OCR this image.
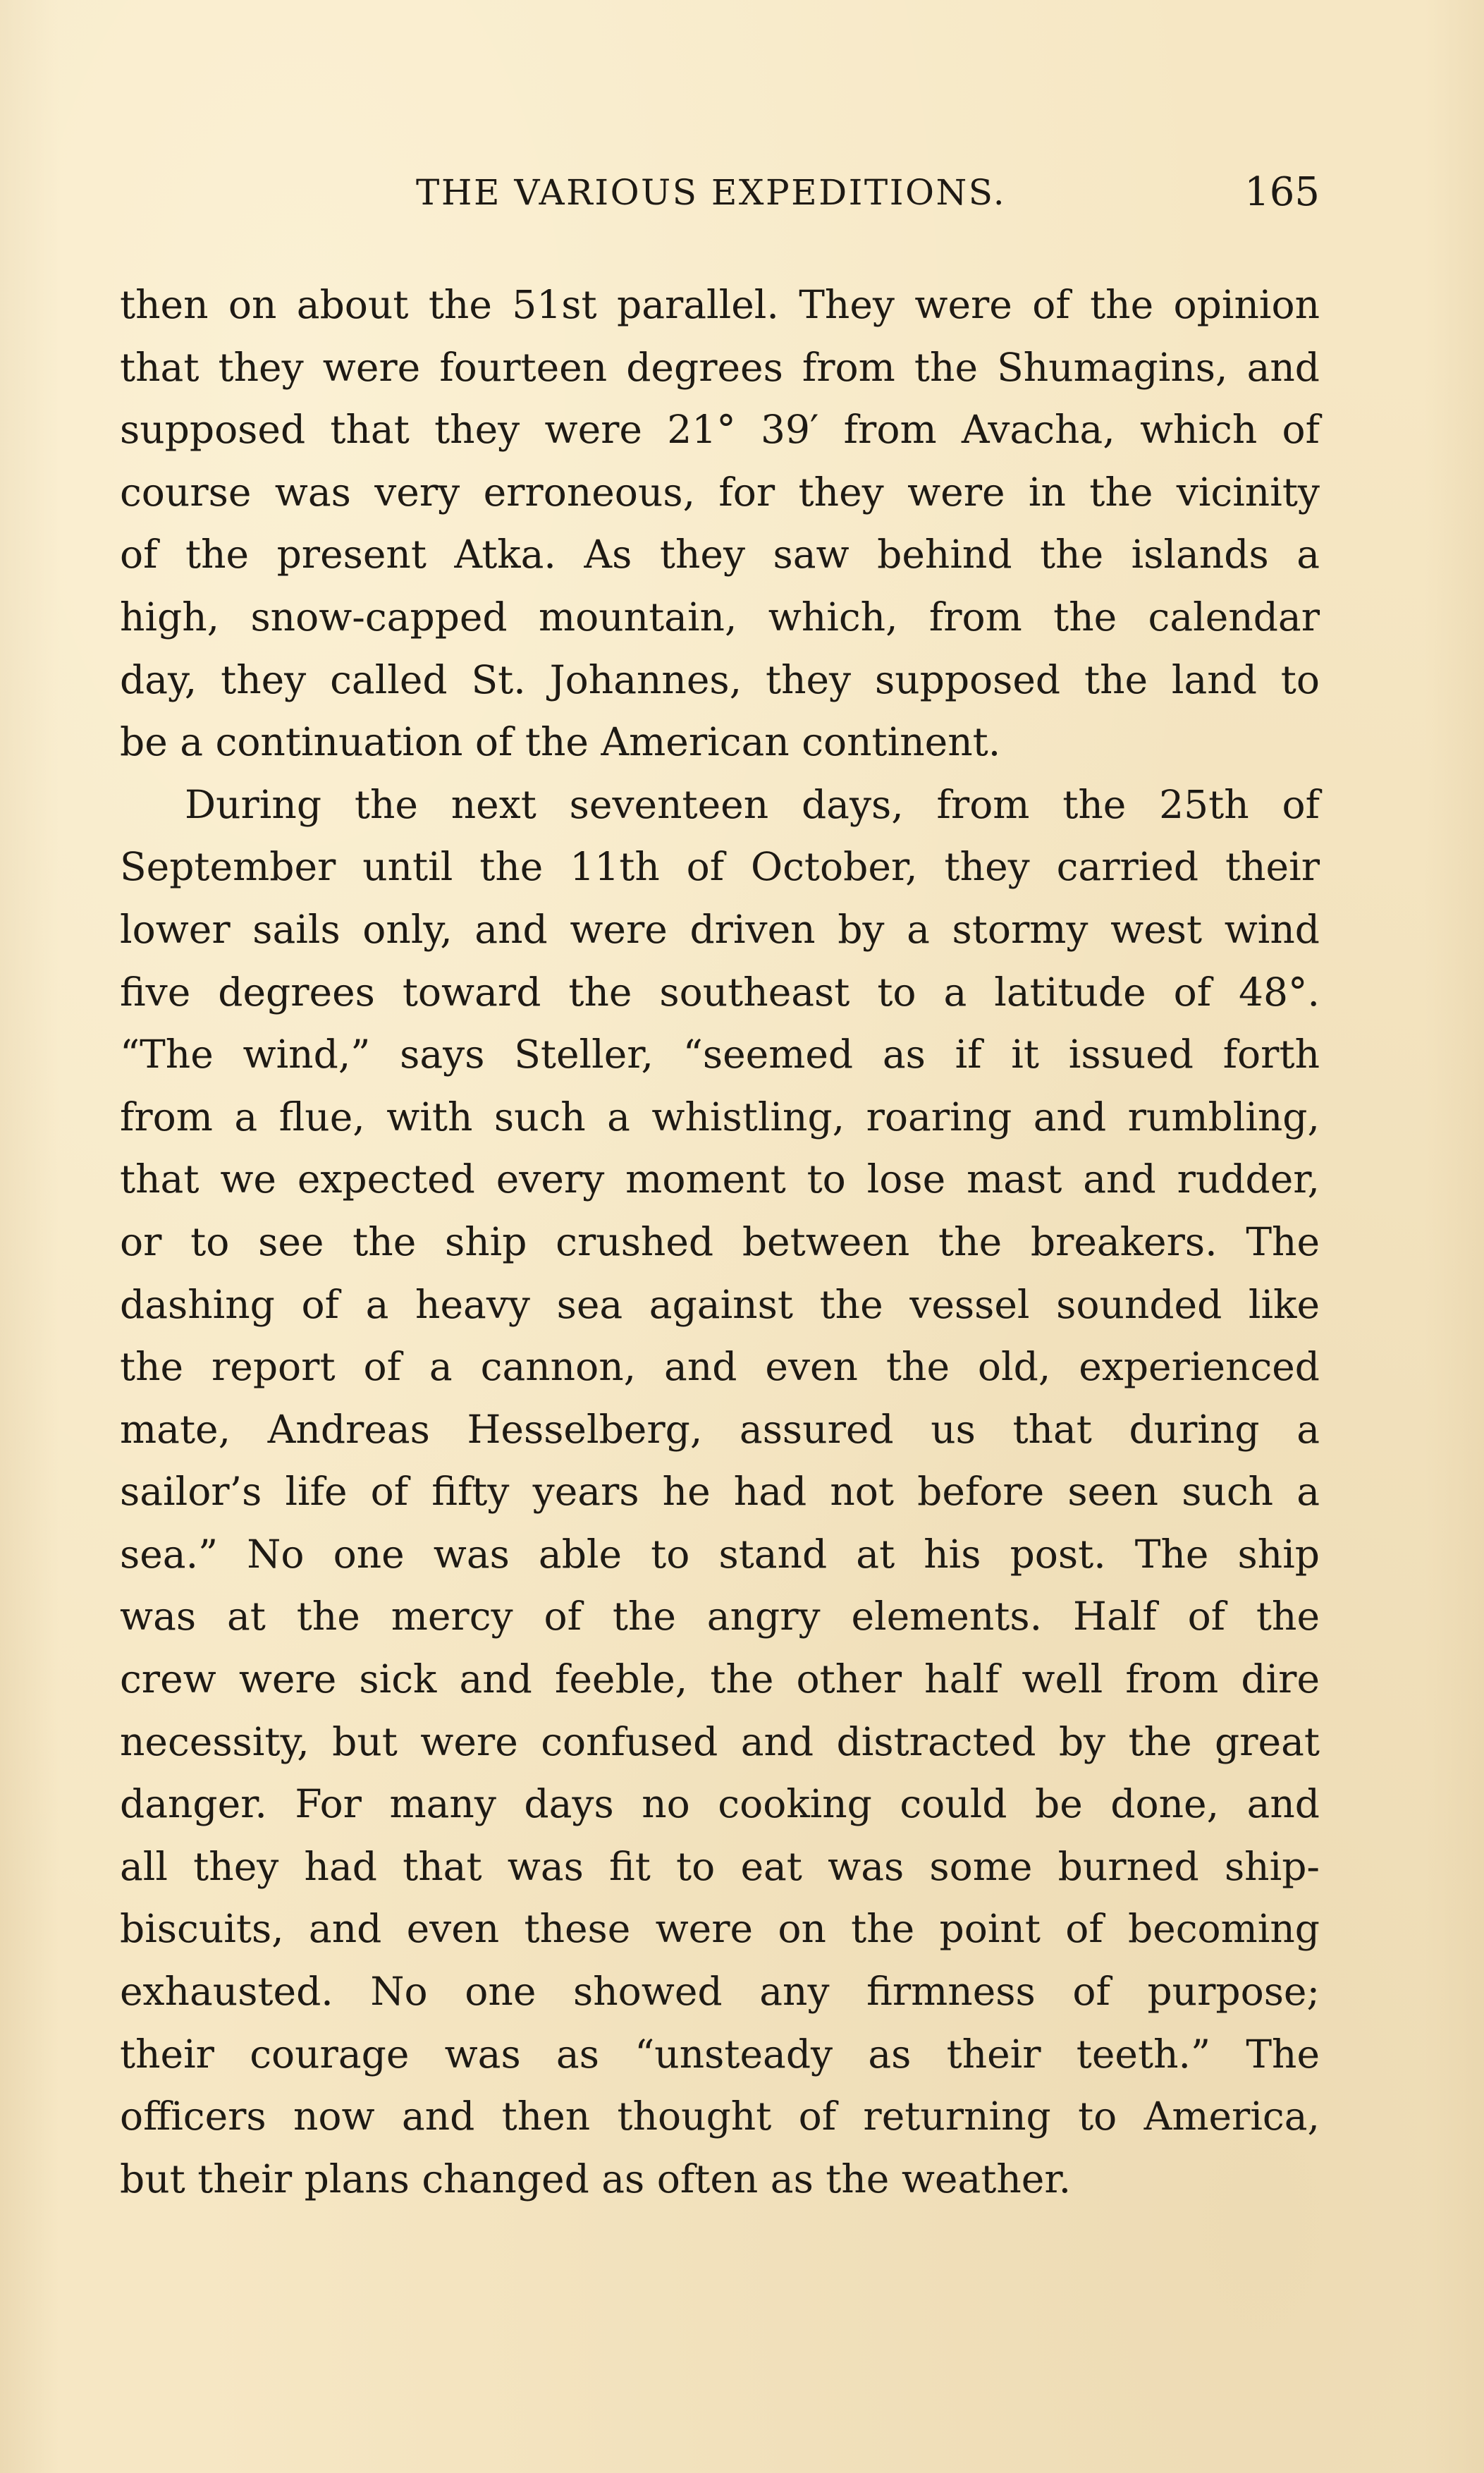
THE VARIOUS EXPEDITIONS.	165
then on about the 51st parallel. They were of the opinion
that they were fourteen degrees from the Shumagins, and
supposed that they were 21° 39′ from Avacha, which of
course was very erroneous, for they were in the vicinity
of the present Atka. As they saw behind the islands a
high, snow-capped mountain, which, from the calendar
day, they called St. Johannes, they supposed the land to
be a continuation of the American continent.
During the next seventeen days, from the 25th of
September until the 11th of October, they carried their
lower sails only, and were driven by a stormy west wind
five degrees toward the southeast to a latitude of 48°.
“The wind,” says Steller, “seemed as if it issued forth
from a flue, with such a whistling, roaring and rumbling,
that we expected every moment to lose mast and rudder,
or to see the ship crushed between the breakers. The
dashing of a heavy sea against the vessel sounded like
the report of a cannon, and even the old, experienced
mate, Andreas Hesselberg, assured us that during a
sailor’s life of fifty years he had not before seen such a
sea.” No one was able to stand at his post. The ship
was at the mercy of the angry elements. Half of the
crew were sick and feeble, the other half well from dire
necessity, but were confused and distracted by the great
danger. For many days no cooking could be done, and
all they had that was fit to eat was some burned ship-
biscuits, and even these were on the point of becoming
exhausted. No one showed any firmness of purpose;
their courage was as “unsteady as their teeth.” The
officers now and then thought of returning to America,
but their plans changed as often as the weather.
